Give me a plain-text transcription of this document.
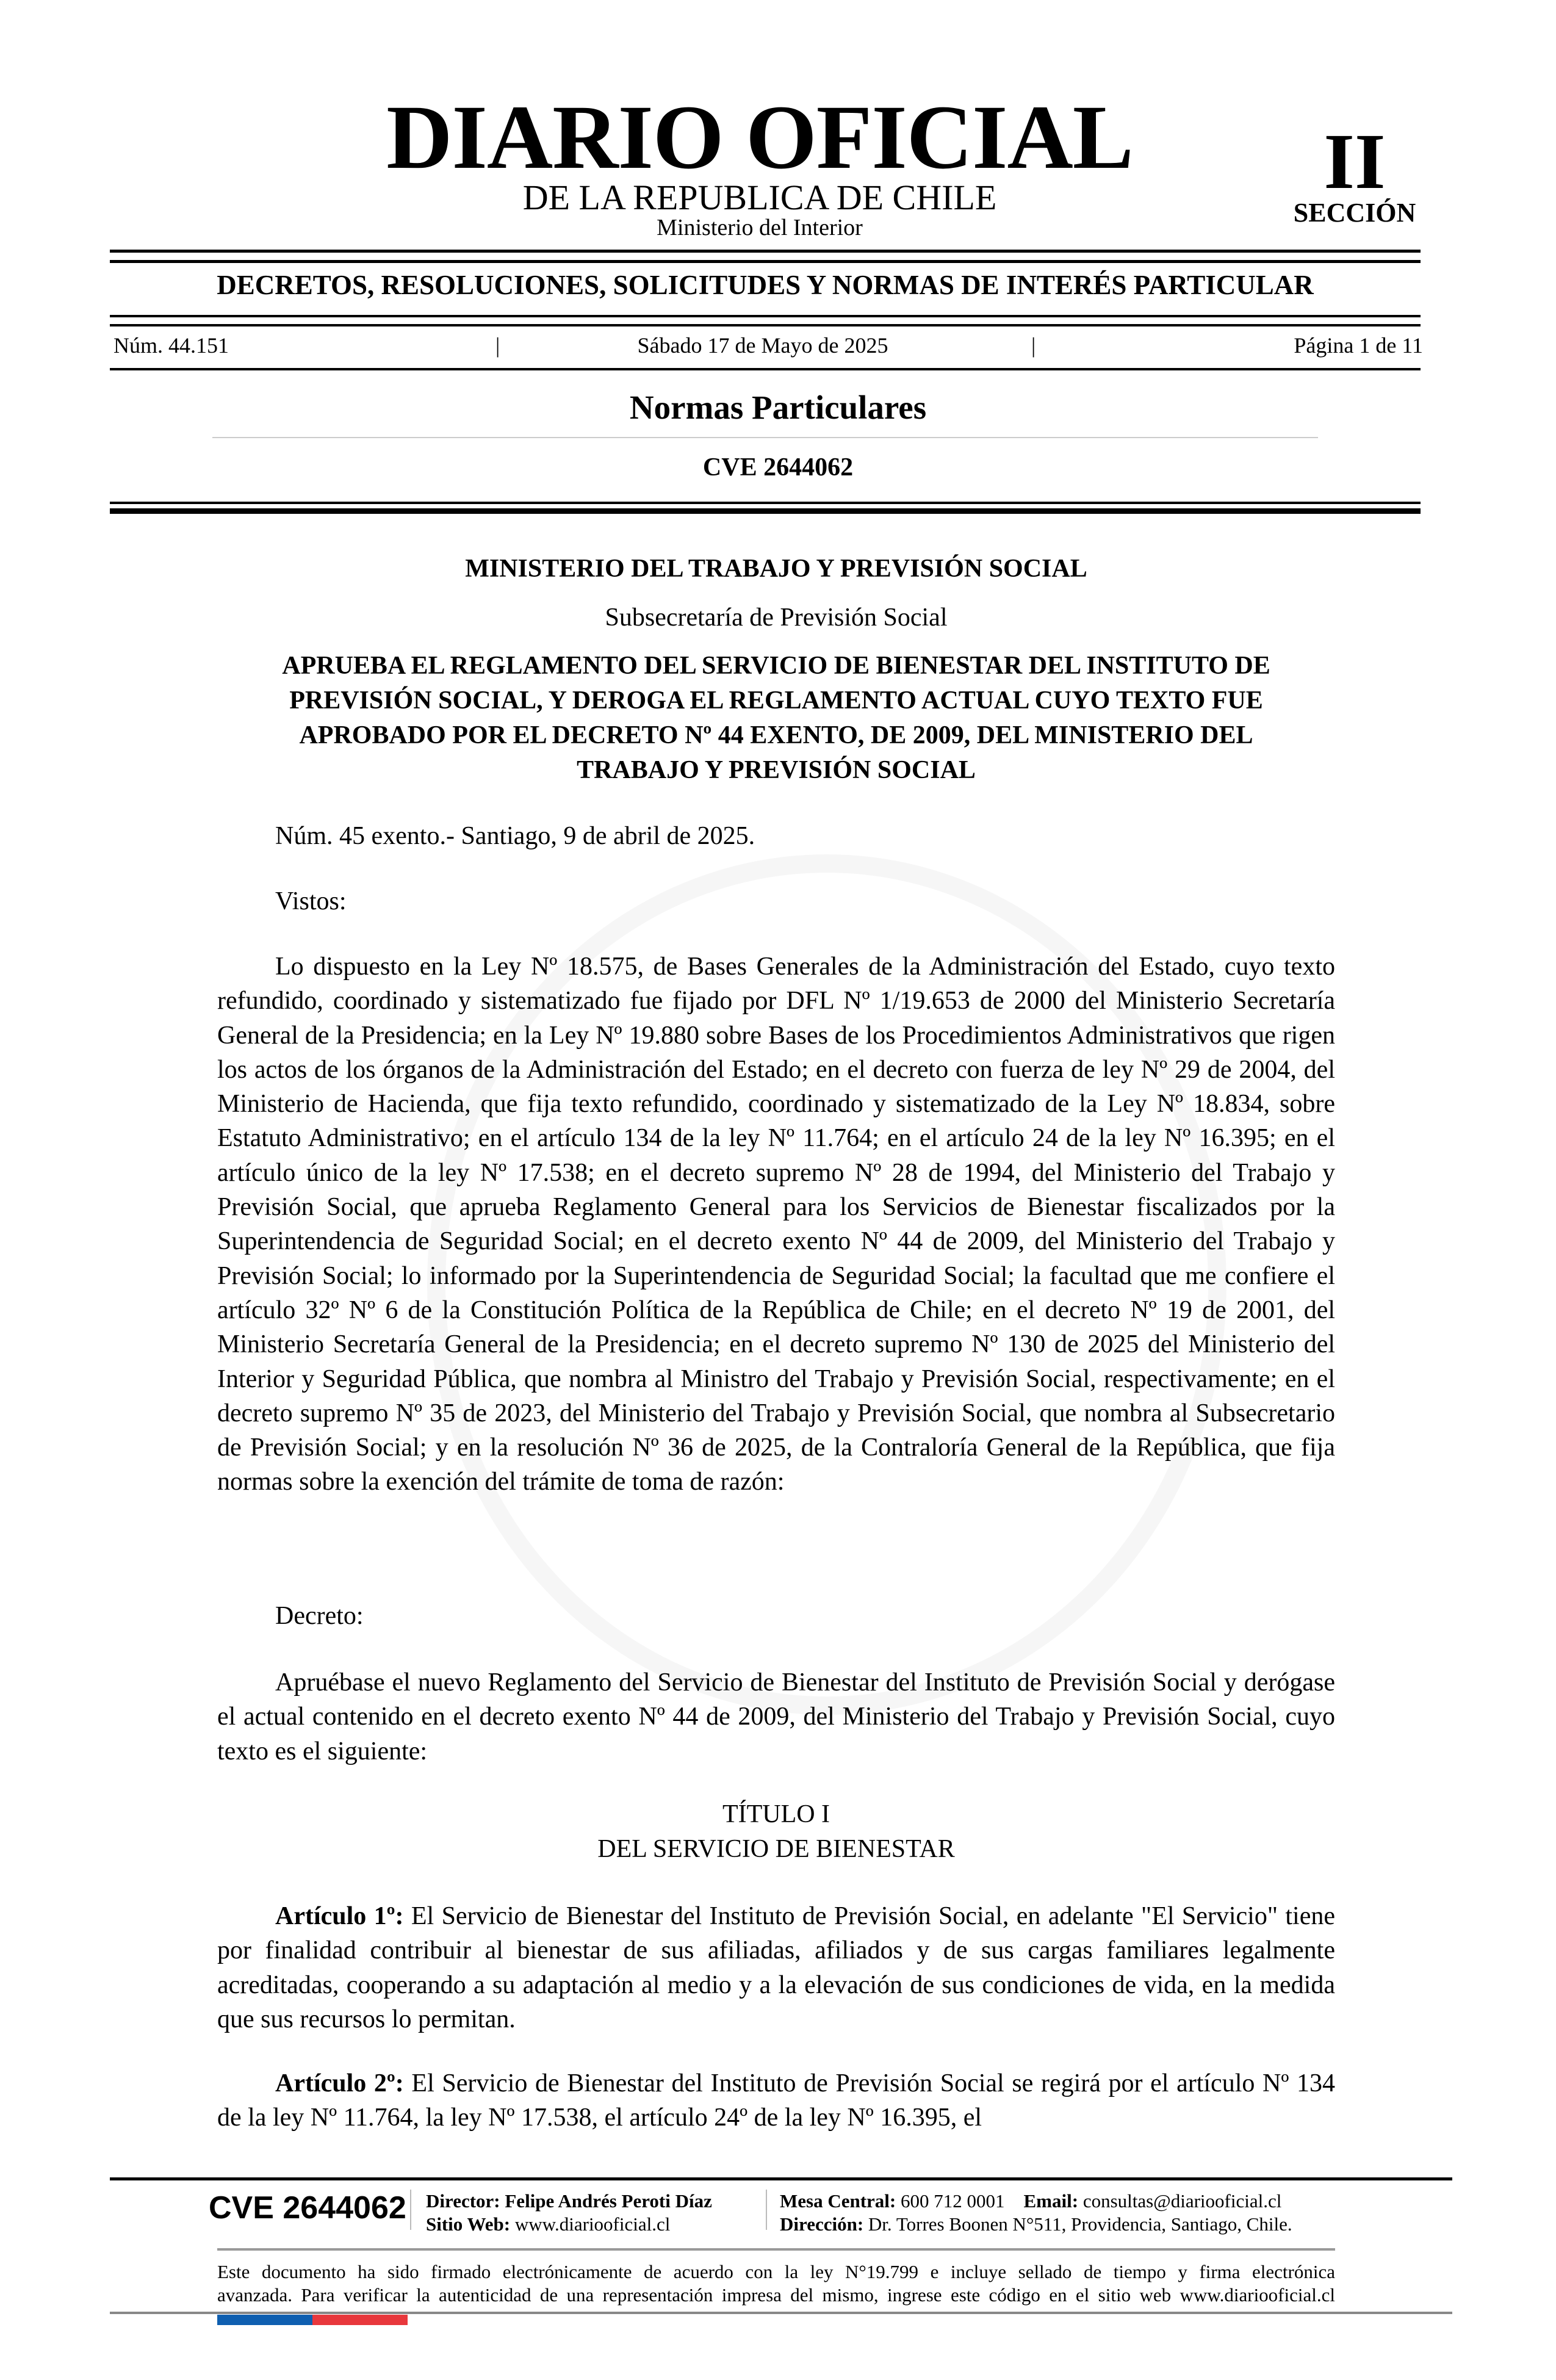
DIARIO OFICIAL
DE LA REPUBLICA DE CHILE
Ministerio del Interior
II
SECCIÓN
DECRETOS, RESOLUCIONES, SOLICITUDES Y NORMAS DE INTERÉS PARTICULAR
Núm. 44.151	|	Sábado 17 de Mayo de 2025	|	Página 1 de 11
Normas Particulares
CVE 2644062
MINISTERIO DEL TRABAJO Y PREVISIÓN SOCIAL
Subsecretaría de Previsión Social
APRUEBA EL REGLAMENTO DEL SERVICIO DE BIENESTAR DEL INSTITUTO DE
PREVISIÓN SOCIAL, Y DEROGA EL REGLAMENTO ACTUAL CUYO TEXTO FUE
APROBADO POR EL DECRETO Nº 44 EXENTO, DE 2009, DEL MINISTERIO DEL
TRABAJO Y PREVISIÓN SOCIAL

Núm. 45 exento.- Santiago, 9 de abril de 2025.

Vistos:

Lo dispuesto en la Ley Nº 18.575, de Bases Generales de la Administración del Estado, cuyo texto refundido, coordinado y sistematizado fue fijado por DFL Nº 1/19.653 de 2000 del Ministerio Secretaría General de la Presidencia; en la Ley Nº 19.880 sobre Bases de los Procedimientos Administrativos que rigen los actos de los órganos de la Administración del Estado; en el decreto con fuerza de ley Nº 29 de 2004, del Ministerio de Hacienda, que fija texto refundido, coordinado y sistematizado de la Ley Nº 18.834, sobre Estatuto Administrativo; en el artículo 134 de la ley Nº 11.764; en el artículo 24 de la ley Nº 16.395; en el artículo único de la ley Nº 17.538; en el decreto supremo Nº 28 de 1994, del Ministerio del Trabajo y Previsión Social, que aprueba Reglamento General para los Servicios de Bienestar fiscalizados por la Superintendencia de Seguridad Social; en el decreto exento Nº 44 de 2009, del Ministerio del Trabajo y Previsión Social; lo informado por la Superintendencia de Seguridad Social; la facultad que me confiere el artículo 32º Nº 6 de la Constitución Política de la República de Chile; en el decreto Nº 19 de 2001, del Ministerio Secretaría General de la Presidencia; en el decreto supremo Nº 130 de 2025 del Ministerio del Interior y Seguridad Pública, que nombra al Ministro del Trabajo y Previsión Social, respectivamente; en el decreto supremo Nº 35 de 2023, del Ministerio del Trabajo y Previsión Social, que nombra al Subsecretario de Previsión Social; y en la resolución Nº 36 de 2025, de la Contraloría General de la República, que fija normas sobre la exención del trámite de toma de razón:

Decreto:

Apruébase el nuevo Reglamento del Servicio de Bienestar del Instituto de Previsión Social y derógase el actual contenido en el decreto exento Nº 44 de 2009, del Ministerio del Trabajo y Previsión Social, cuyo texto es el siguiente:

TÍTULO I
DEL SERVICIO DE BIENESTAR

Artículo 1º: El Servicio de Bienestar del Instituto de Previsión Social, en adelante "El Servicio" tiene por finalidad contribuir al bienestar de sus afiliadas, afiliados y de sus cargas familiares legalmente acreditadas, cooperando a su adaptación al medio y a la elevación de sus condiciones de vida, en la medida que sus recursos lo permitan.

Artículo 2º: El Servicio de Bienestar del Instituto de Previsión Social se regirá por el artículo Nº 134 de la ley Nº 11.764, la ley Nº 17.538, el artículo 24º de la ley Nº 16.395, el

CVE 2644062 Director: Felipe Andrés Peroti Díaz
Sitio Web: www.diariooficial.cl
Mesa Central: 600 712 0001 Email: consultas@diariooficial.cl
Dirección: Dr. Torres Boonen N°511, Providencia, Santiago, Chile.
Este documento ha sido firmado electrónicamente de acuerdo con la ley N°19.799 e incluye sellado de tiempo y firma electrónica
avanzada. Para verificar la autenticidad de una representación impresa del mismo, ingrese este código en el sitio web www.diariooficial.cl
